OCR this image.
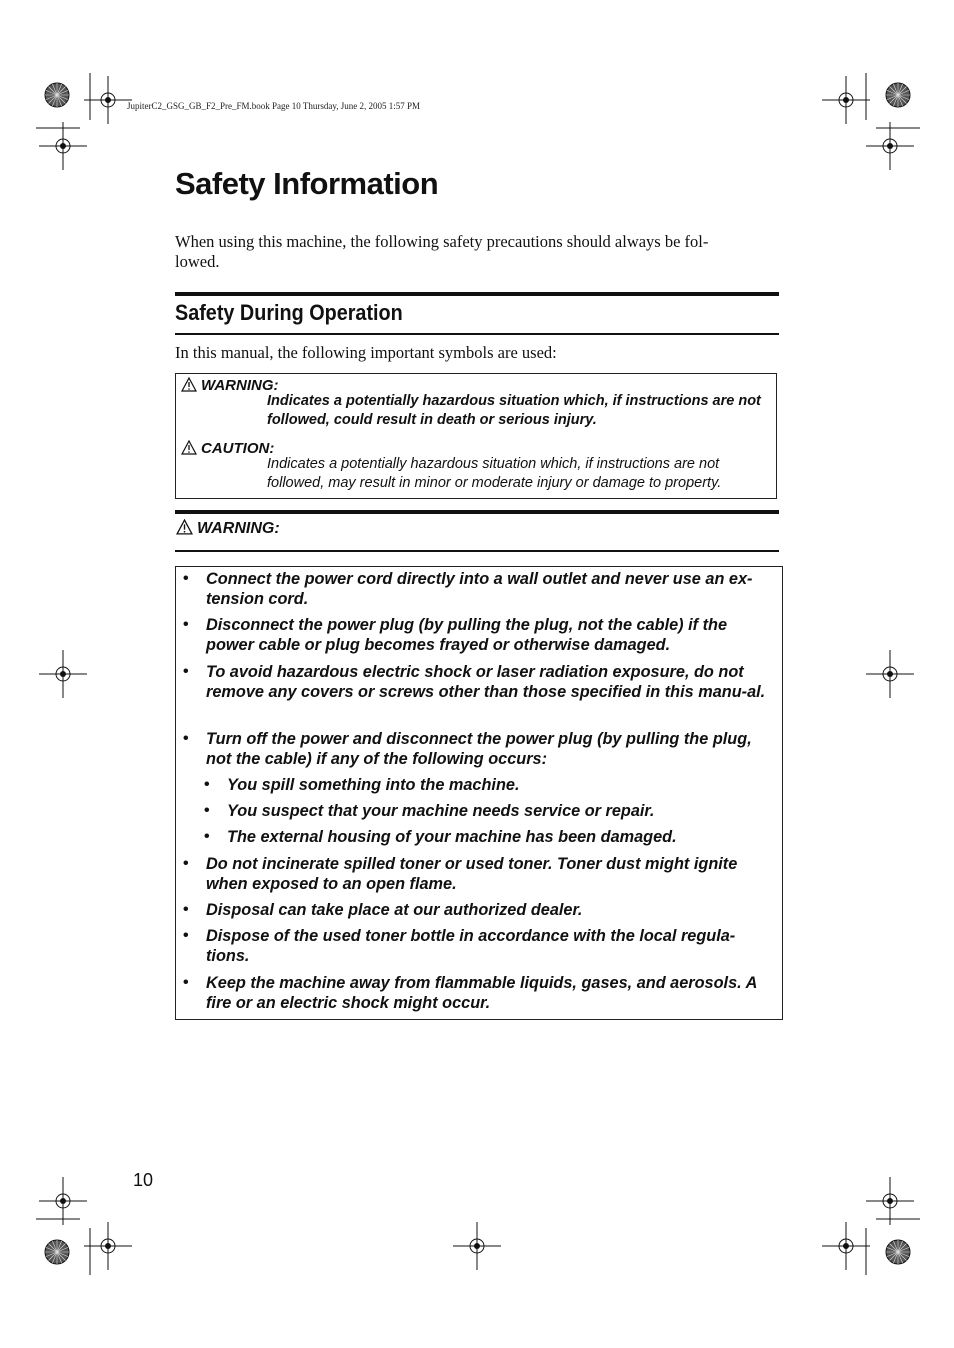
JupiterC2_GSG_GB_F2_Pre_FM.book Page 10 Thursday, June 2, 2005 1:57 PM
Safety Information
When using this machine, the following safety precautions should always be fol-
lowed.
Safety During Operation
In this manual, the following important symbols are used:
WARNING:
Indicates a potentially hazardous situation which, if instructions are not followed, could result in death or serious injury.
CAUTION:
Indicates a potentially hazardous situation which, if instructions are not followed, may result in minor or moderate injury or damage to property.
WARNING:
• Connect the power cord directly into a wall outlet and never use an ex-tension cord.
• Disconnect the power plug (by pulling the plug, not the cable) if the power cable or plug becomes frayed or otherwise damaged.
• To avoid hazardous electric shock or laser radiation exposure, do not remove any covers or screws other than those specified in this manu-al.
• Turn off the power and disconnect the power plug (by pulling the plug, not the cable) if any of the following occurs:
• You spill something into the machine.
• You suspect that your machine needs service or repair.
• The external housing of your machine has been damaged.
• Do not incinerate spilled toner or used toner. Toner dust might ignite when exposed to an open flame.
• Disposal can take place at our authorized dealer.
• Dispose of the used toner bottle in accordance with the local regula-tions.
• Keep the machine away from flammable liquids, gases, and aerosols. A fire or an electric shock might occur.
10
